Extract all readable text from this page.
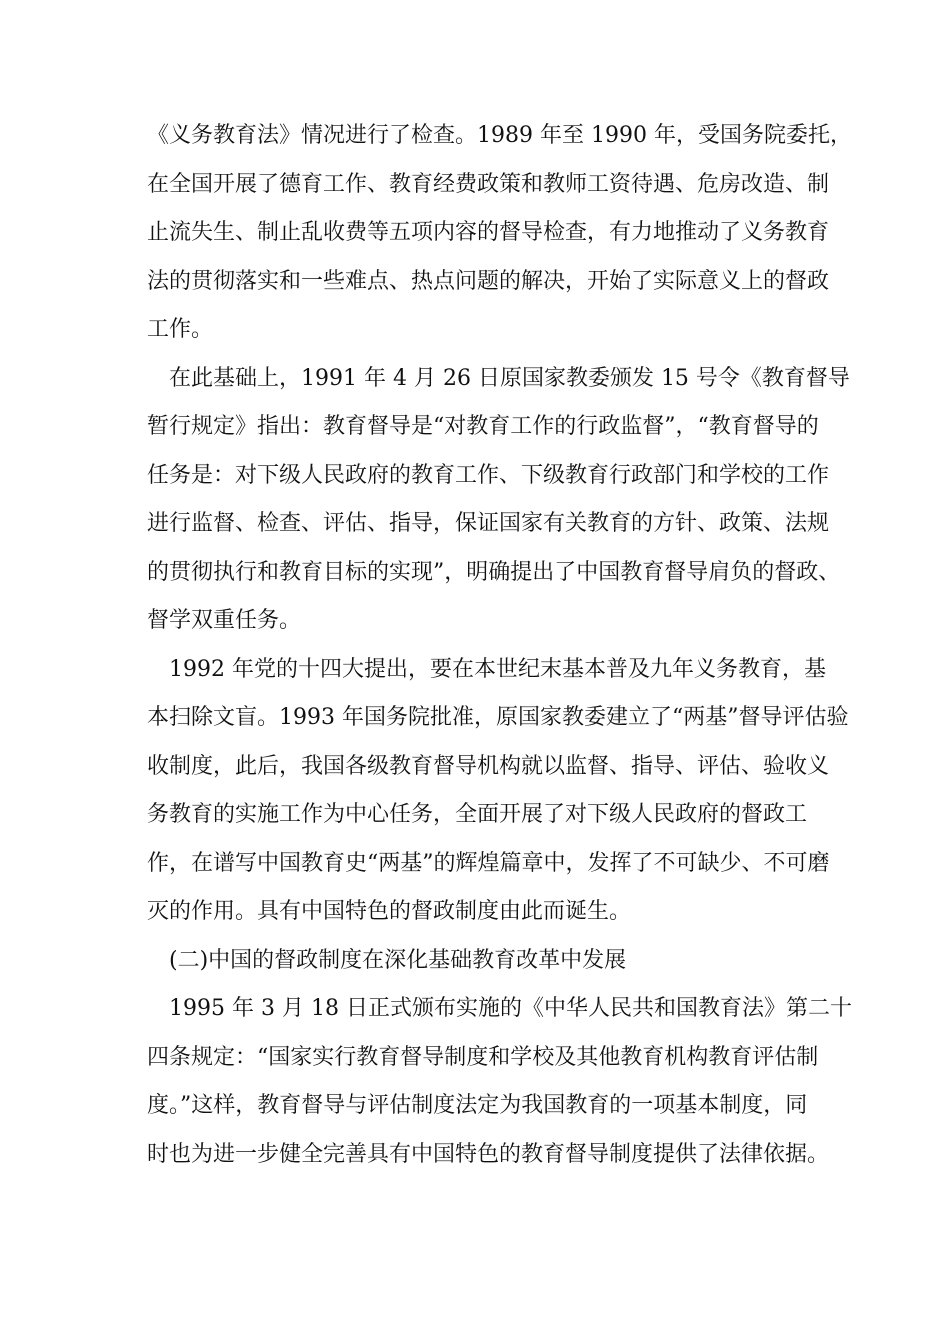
《义务教育法》情况进行了检查。1989 年至 1990 年，受国务院委托，
在全国开展了德育工作、教育经费政策和教师工资待遇、危房改造、制
止流失生、制止乱收费等五项内容的督导检查，有力地推动了义务教育
法的贯彻落实和一些难点、热点问题的解决，开始了实际意义上的督政
工作。
在此基础上，1991 年 4 月 26 日原国家教委颁发 15 号令《教育督导
暂行规定》指出：教育督导是“对教育工作的行政监督”，“教育督导的
任务是：对下级人民政府的教育工作、下级教育行政部门和学校的工作
进行监督、检查、评估、指导，保证国家有关教育的方针、政策、法规
的贯彻执行和教育目标的实现”，明确提出了中国教育督导肩负的督政、
督学双重任务。
1992 年党的十四大提出，要在本世纪末基本普及九年义务教育，基
本扫除文盲。1993 年国务院批准，原国家教委建立了“两基”督导评估验
收制度，此后，我国各级教育督导机构就以监督、指导、评估、验收义
务教育的实施工作为中心任务，全面开展了对下级人民政府的督政工
作，在谱写中国教育史“两基”的辉煌篇章中，发挥了不可缺少、不可磨
灭的作用。具有中国特色的督政制度由此而诞生。
(二)中国的督政制度在深化基础教育改革中发展
1995 年 3 月 18 日正式颁布实施的《中华人民共和国教育法》第二十
四条规定：“国家实行教育督导制度和学校及其他教育机构教育评估制
度。”这样，教育督导与评估制度法定为我国教育的一项基本制度，同
时也为进一步健全完善具有中国特色的教育督导制度提供了法律依据。
